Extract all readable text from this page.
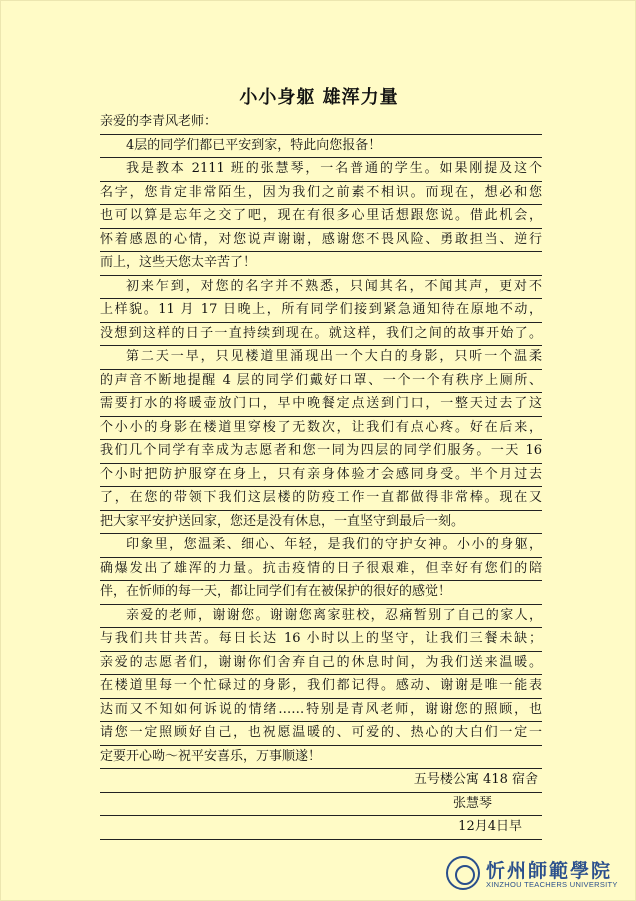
小小身躯 雄浑力量
亲爱的李青风老师：
4层的同学们都已平安到家，特此向您报备！
我是教本 2111 班的张慧琴，一名普通的学生。如果刚提及这个
名字，您肯定非常陌生，因为我们之前素不相识。而现在，想必和您
也可以算是忘年之交了吧，现在有很多心里话想跟您说。借此机会，
怀着感恩的心情，对您说声谢谢，感谢您不畏风险、勇敢担当、逆行
而上，这些天您太辛苦了！
初来乍到，对您的名字并不熟悉，只闻其名，不闻其声，更对不
上样貌。11 月 17 日晚上，所有同学们接到紧急通知待在原地不动，
没想到这样的日子一直持续到现在。就这样，我们之间的故事开始了。
第二天一早，只见楼道里涌现出一个大白的身影，只听一个温柔
的声音不断地提醒 4 层的同学们戴好口罩、一个一个有秩序上厕所、
需要打水的将暖壶放门口，早中晚餐定点送到门口，一整天过去了这
个小小的身影在楼道里穿梭了无数次，让我们有点心疼。好在后来，
我们几个同学有幸成为志愿者和您一同为四层的同学们服务。一天 16
个小时把防护服穿在身上，只有亲身体验才会感同身受。半个月过去
了，在您的带领下我们这层楼的防疫工作一直都做得非常棒。现在又
把大家平安护送回家，您还是没有休息，一直坚守到最后一刻。
印象里，您温柔、细心、年轻，是我们的守护女神。小小的身躯，
确爆发出了雄浑的力量。抗击疫情的日子很艰难，但幸好有您们的陪
伴，在忻师的每一天，都让同学们有在被保护的很好的感觉！
亲爱的老师，谢谢您。谢谢您离家驻校，忍痛暂别了自己的家人，
与我们共甘共苦。每日长达 16 小时以上的坚守，让我们三餐未缺；
亲爱的志愿者们，谢谢你们舍弃自己的休息时间，为我们送来温暖。
在楼道里每一个忙碌过的身影，我们都记得。感动、谢谢是唯一能表
达而又不知如何诉说的情绪……特别是青风老师，谢谢您的照顾，也
请您一定照顾好自己，也祝愿温暖的、可爱的、热心的大白们一定一
定要开心呦～祝平安喜乐，万事顺遂！
五号楼公寓 418 宿舍
张慧琴
12月4日早
忻州師範學院
XINZHOU TEACHERS UNIVERSITY
